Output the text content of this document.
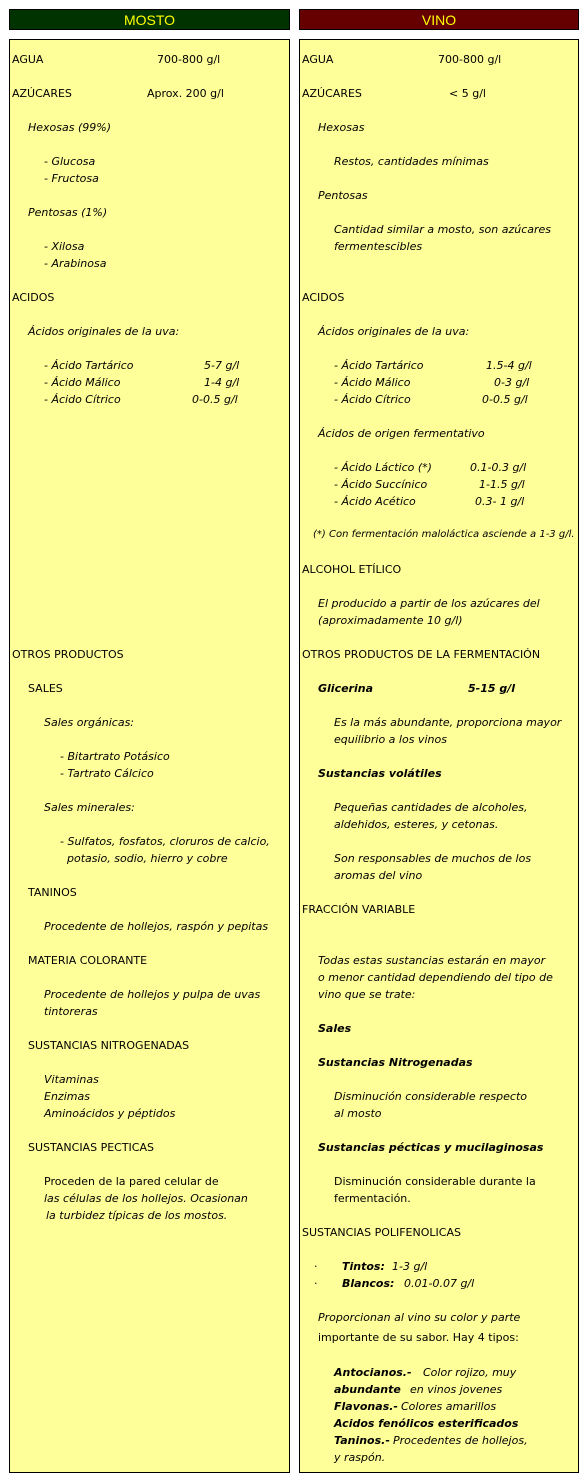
MOSTO	VINO
AGUA	700-800 g/l
AZÚCARES	Aprox. 200 g/l
Hexosas (99%)
- Glucosa
- Fructosa
Pentosas (1%)
- Xilosa
- Arabinosa
ACIDOS
Ácidos originales de la uva:
- Ácido Tartárico	5-7 g/l
- Ácido Málico	1-4 g/l
- Ácido Cítrico	0-0.5 g/l
OTROS PRODUCTOS
SALES
Sales orgánicas:
- Bitartrato Potásico
- Tartrato Cálcico
Sales minerales:
- Sulfatos, fosfatos, cloruros de calcio,
potasio, sodio, hierro y cobre
TANINOS
Procedente de hollejos, raspón y pepitas
MATERIA COLORANTE
Procedente de hollejos y pulpa de uvas
tintoreras
SUSTANCIAS NITROGENADAS
Vitaminas
Enzimas
Aminoácidos y péptidos
SUSTANCIAS PECTICAS
Proceden de la pared celular de
las células de los hollejos. Ocasionan
la turbidez típicas de los mostos.
AGUA	700-800 g/l
AZÚCARES	< 5 g/l
Hexosas
Restos, cantidades mínimas
Pentosas
Cantidad similar a mosto, son azúcares
fermentescibles
ACIDOS
Ácidos originales de la uva:
- Ácido Tartárico	1.5-4 g/l
- Ácido Málico	0-3 g/l
- Ácido Cítrico	0-0.5 g/l
Ácidos de origen fermentativo
- Ácido Láctico (*)	0.1-0.3 g/l
- Ácido Succínico	1-1.5 g/l
- Ácido Acético	0.3- 1 g/l
(*) Con fermentación maloláctica asciende a 1-3 g/l.
ALCOHOL ETÍLICO
El producido a partir de los azúcares del
(aproximadamente 10 g/l)
OTROS PRODUCTOS DE LA FERMENTACIÓN
Glicerina	5-15 g/l
Es la más abundante, proporciona mayor
equilibrio a los vinos
Sustancias volátiles
Pequeñas cantidades de alcoholes,
aldehidos, esteres, y cetonas.
Son responsables de muchos de los
aromas del vino
FRACCIÓN VARIABLE
Todas estas sustancias estarán en mayor
o menor cantidad dependiendo del tipo de
vino que se trate:
Sales
Sustancias Nitrogenadas
Disminución considerable respecto
al mosto
Sustancias pécticas y mucilaginosas
Disminución considerable durante la
fermentación.
SUSTANCIAS POLIFENOLICAS
· Tintos: 1-3 g/l
· Blancos: 0.01-0.07 g/l
Proporcionan al vino su color y parte
importante de su sabor. Hay 4 tipos:
Antocianos.- Color rojizo, muy
abundante en vinos jovenes
Flavonas.- Colores amarillos
Acidos fenólicos esterificados
Taninos.- Procedentes de hollejos,
y raspón.
